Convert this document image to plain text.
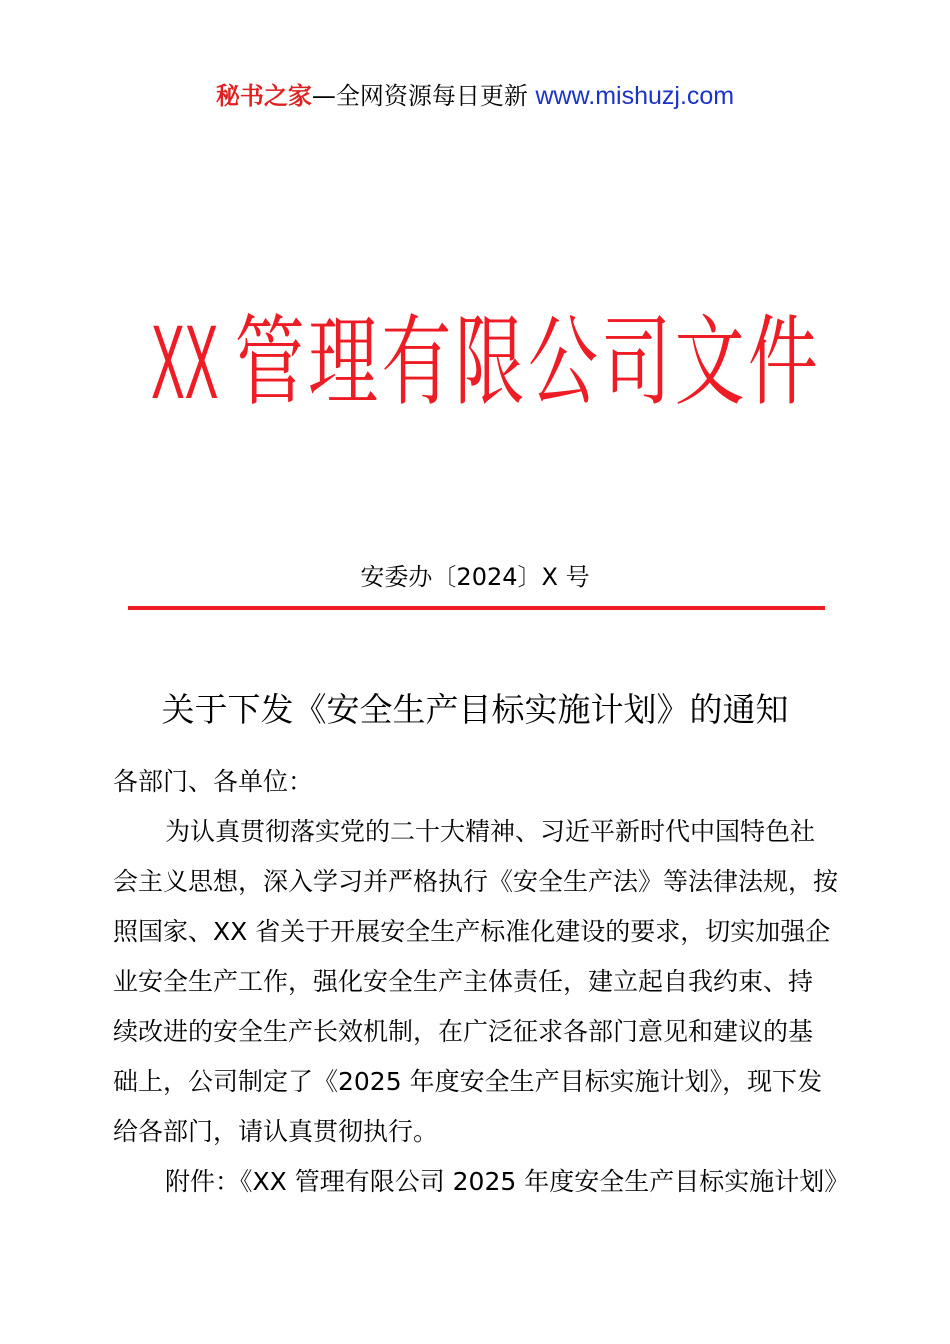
秘书之家—全网资源每日更新 www.mishuzj.com
XX 管 理 有 限 公 司 文 件
安委办〔2024〕X 号
关于下发《安全生产目标实施计划》的通知
各部门、各单位：
为认真贯彻落实党的二十大精神、习近平新时代中国特色社
会主义思想，深入学习并严格执行《安全生产法》等法律法规，按
照国家、XX 省关于开展安全生产标准化建设的要求，切实加强企
业安全生产工作，强化安全生产主体责任，建立起自我约束、持
续改进的安全生产长效机制，在广泛征求各部门意见和建议的基
础上，公司制定了《2025 年度安全生产目标实施计划》，现下发
给各部门，请认真贯彻执行。
附件：《XX 管理有限公司 2025 年度安全生产目标实施计划》
